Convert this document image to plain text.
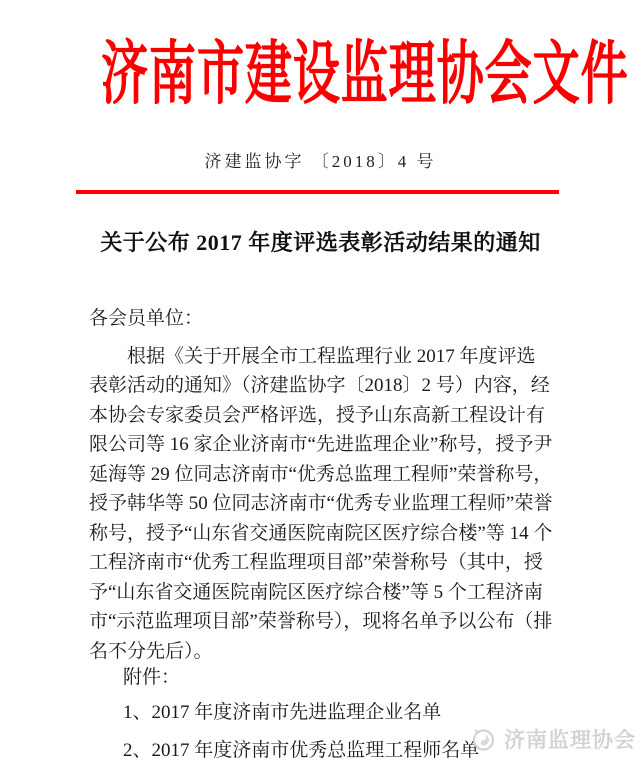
济南市建设监理协会文件
济建监协字 〔2018〕4 号
关于公布 2017 年度评选表彰活动结果的通知

各会员单位：

根据《关于开展全市工程监理行业 2017 年度评选表彰活动的通知》（济建监协字〔2018〕2 号）内容，经本协会专家委员会严格评选，授予山东高新工程设计有限公司等 16 家企业济南市“先进监理企业”称号，授予尹延海等 29 位同志济南市“优秀总监理工程师”荣誉称号，授予韩华等 50 位同志济南市“优秀专业监理工程师”荣誉称号，授予“山东省交通医院南院区医疗综合楼”等 14 个工程济南市“优秀工程监理项目部”荣誉称号（其中，授予“山东省交通医院南院区医疗综合楼”等 5 个工程济南市“示范监理项目部”荣誉称号），现将名单予以公布（排名不分先后）。

附件：
1、2017 年度济南市先进监理企业名单
2、2017 年度济南市优秀总监理工程师名单 济南监理协会
